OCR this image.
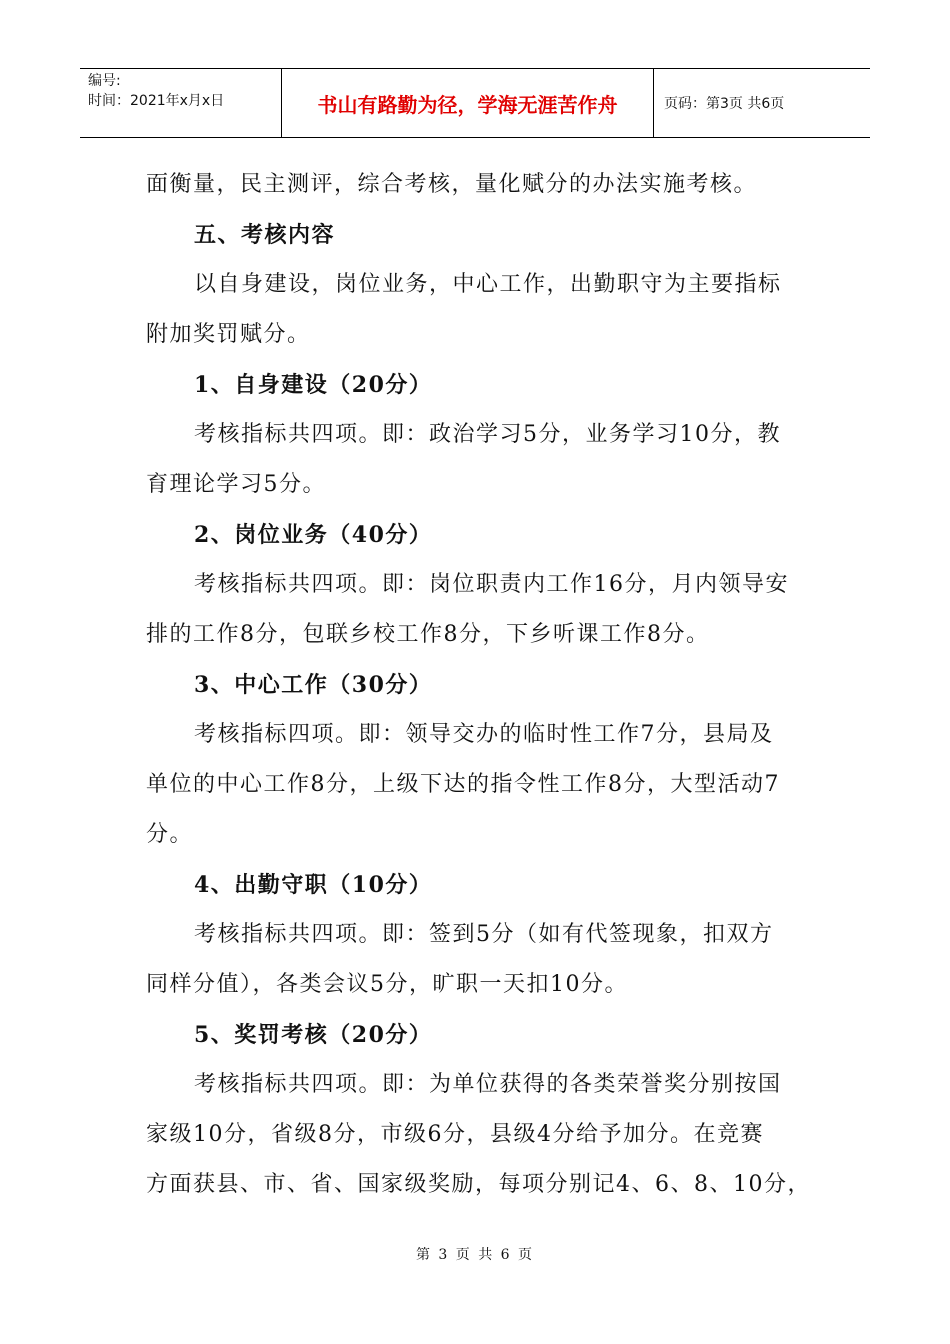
编号:
时间：2021年x月x日	书山有路勤为径，学海无涯苦作舟	页码：第3页 共6页

面衡量，民主测评，综合考核，量化赋分的办法实施考核。

五、考核内容

以自身建设，岗位业务，中心工作，出勤职守为主要指标

附加奖罚赋分。

1、自身建设（20分）

考核指标共四项。即：政治学习5分，业务学习10分，教

育理论学习5分。

2、岗位业务（40分）

考核指标共四项。即：岗位职责内工作16分，月内领导安

排的工作8分，包联乡校工作8分，下乡听课工作8分。

3、中心工作（30分）

考核指标四项。即：领导交办的临时性工作7分，县局及

单位的中心工作8分，上级下达的指令性工作8分，大型活动7

分。

4、出勤守职（10分）

考核指标共四项。即：签到5分（如有代签现象，扣双方

同样分值），各类会议5分，旷职一天扣10分。

5、奖罚考核（20分）

考核指标共四项。即：为单位获得的各类荣誉奖分别按国

家级10分，省级8分，市级6分，县级4分给予加分。在竞赛

方面获县、市、省、国家级奖励，每项分别记4、6、8、10分，

第 3 页 共 6 页
